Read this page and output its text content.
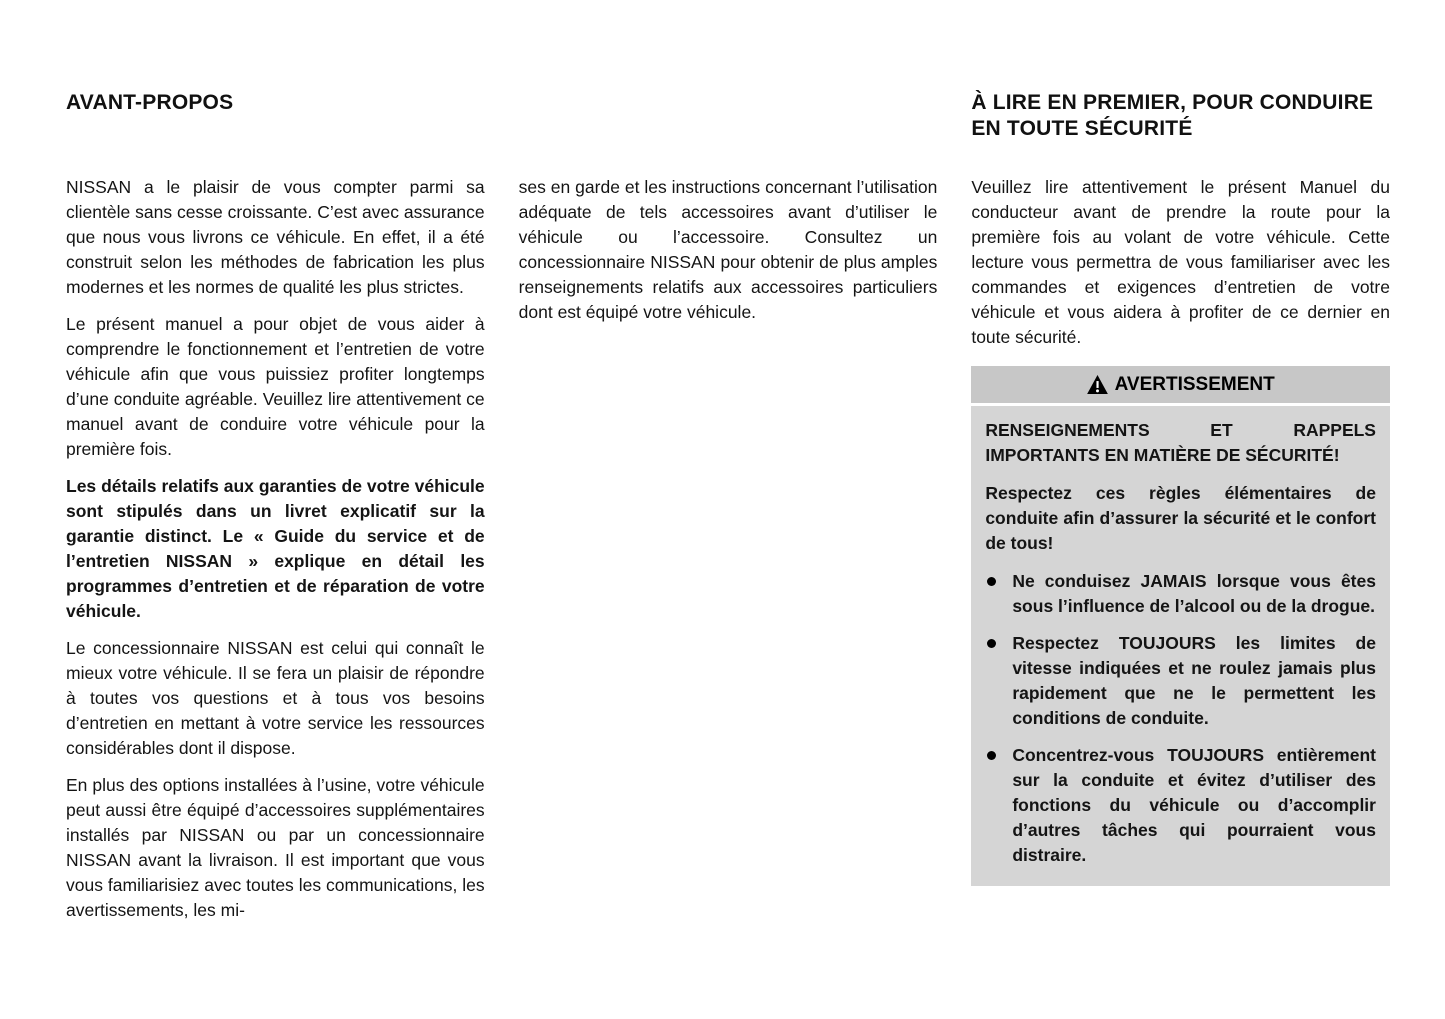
AVANT-PROPOS

NISSAN a le plaisir de vous compter parmi sa clientèle sans cesse croissante. C’est avec assurance que nous vous livrons ce véhicule. En effet, il a été construit selon les méthodes de fabrication les plus modernes et les normes de qualité les plus strictes.

Le présent manuel a pour objet de vous aider à comprendre le fonctionnement et l’entretien de votre véhicule afin que vous puissiez profiter longtemps d’une conduite agréable. Veuillez lire attentivement ce manuel avant de conduire votre véhicule pour la première fois.

Les détails relatifs aux garanties de votre véhicule sont stipulés dans un livret explicatif sur la garantie distinct. Le « Guide du service et de l’entretien NISSAN » explique en détail les programmes d’entretien et de réparation de votre véhicule.

Le concessionnaire NISSAN est celui qui connaît le mieux votre véhicule. Il se fera un plaisir de répondre à toutes vos questions et à tous vos besoins d’entretien en mettant à votre service les ressources considérables dont il dispose.

En plus des options installées à l’usine, votre véhicule peut aussi être équipé d’accessoires supplémentaires installés par NISSAN ou par un concessionnaire NISSAN avant la livraison. Il est important que vous vous familiarisiez avec toutes les communications, les avertissements, les mi-

ses en garde et les instructions concernant l’utilisation adéquate de tels accessoires avant d’utiliser le véhicule ou l’accessoire. Consultez un concessionnaire NISSAN pour obtenir de plus amples renseignements relatifs aux accessoires particuliers dont est équipé votre véhicule.

À LIRE EN PREMIER, POUR CONDUIRE EN TOUTE SÉCURITÉ

Veuillez lire attentivement le présent Manuel du conducteur avant de prendre la route pour la première fois au volant de votre véhicule. Cette lecture vous permettra de vous familiariser avec les commandes et exigences d’entretien de votre véhicule et vous aidera à profiter de ce dernier en toute sécurité.

AVERTISSEMENT

RENSEIGNEMENTS ET RAPPELS IMPORTANTS EN MATIÈRE DE SÉCURITÉ!

Respectez ces règles élémentaires de conduite afin d’assurer la sécurité et le confort de tous!

Ne conduisez JAMAIS lorsque vous êtes sous l’influence de l’alcool ou de la drogue.
Respectez TOUJOURS les limites de vitesse indiquées et ne roulez jamais plus rapidement que ne le permettent les conditions de conduite.
Concentrez-vous TOUJOURS entièrement sur la conduite et évitez d’utiliser des fonctions du véhicule ou d’accomplir d’autres tâches qui pourraient vous distraire.
